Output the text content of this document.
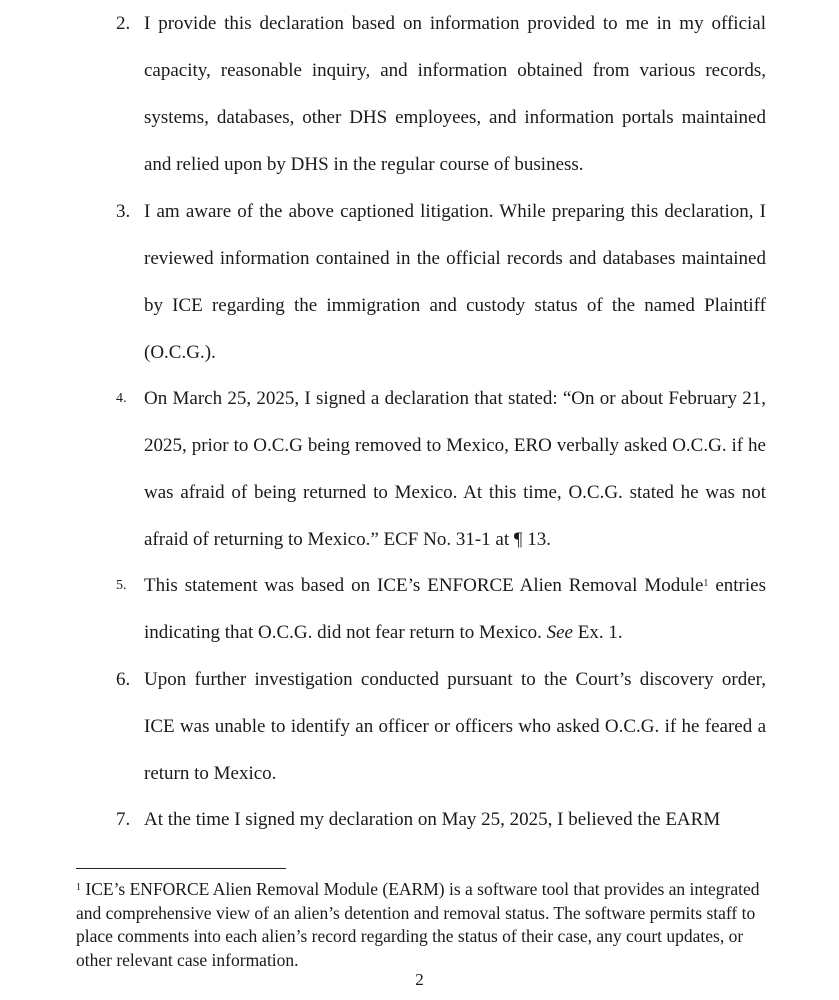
2. I provide this declaration based on information provided to me in my official capacity, reasonable inquiry, and information obtained from various records, systems, databases, other DHS employees, and information portals maintained and relied upon by DHS in the regular course of business.
3. I am aware of the above captioned litigation. While preparing this declaration, I reviewed information contained in the official records and databases maintained by ICE regarding the immigration and custody status of the named Plaintiff (O.C.G.).
4. On March 25, 2025, I signed a declaration that stated: “On or about February 21, 2025, prior to O.C.G being removed to Mexico, ERO verbally asked O.C.G. if he was afraid of being returned to Mexico. At this time, O.C.G. stated he was not afraid of returning to Mexico.” ECF No. 31-1 at ¶ 13.
5. This statement was based on ICE’s ENFORCE Alien Removal Module$^1$ entries indicating that O.C.G. did not fear return to Mexico. See Ex. 1.
6. Upon further investigation conducted pursuant to the Court’s discovery order, ICE was unable to identify an officer or officers who asked O.C.G. if he feared a return to Mexico.
7. At the time I signed my declaration on May 25, 2025, I believed the EARM
$^1$ ICE’s ENFORCE Alien Removal Module (EARM) is a software tool that provides an integrated and comprehensive view of an alien’s detention and removal status. The software permits staff to place comments into each alien’s record regarding the status of their case, any court updates, or other relevant case information.
2
